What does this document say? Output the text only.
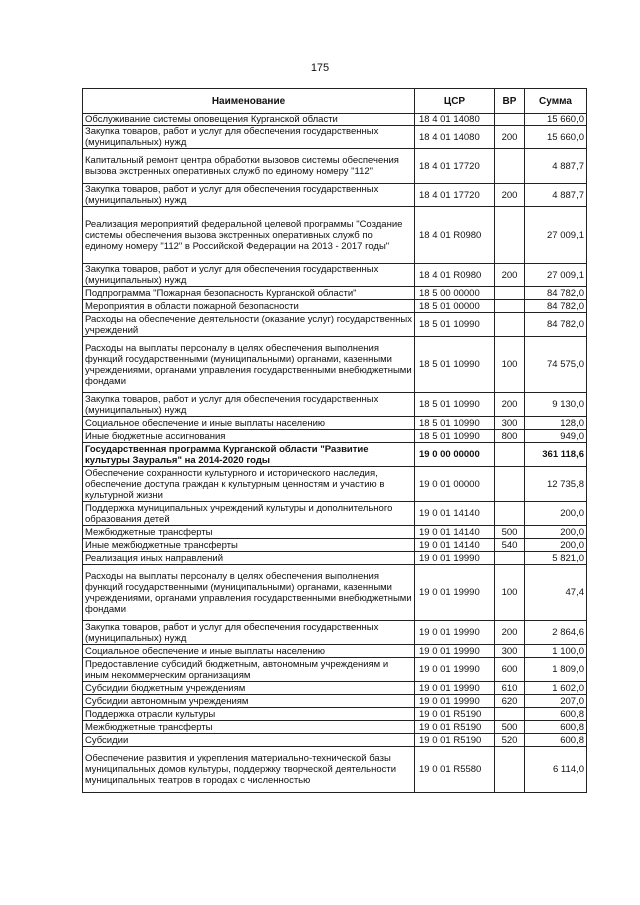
175
Наименование	ЦСР	ВР	Сумма
Обслуживание системы оповещения Курганской области	18 4 01 14080		15 660,0
Закупка товаров, работ и услуг для обеспечения государственных (муниципальных) нужд	18 4 01 14080	200	15 660,0
Капитальный ремонт центра обработки вызовов системы обеспечения вызова экстренных оперативных служб по единому номеру "112"	18 4 01 17720		4 887,7
Закупка товаров, работ и услуг для обеспечения государственных (муниципальных) нужд	18 4 01 17720	200	4 887,7
Реализация мероприятий федеральной целевой программы "Создание системы обеспечения вызова экстренных оперативных служб по единому номеру "112" в Российской Федерации на 2013 - 2017 годы"	18 4 01 R0980		27 009,1
Закупка товаров, работ и услуг для обеспечения государственных (муниципальных) нужд	18 4 01 R0980	200	27 009,1
Подпрограмма "Пожарная безопасность Курганской области"	18 5 00 00000		84 782,0
Мероприятия в области пожарной безопасности	18 5 01 00000		84 782,0
Расходы на обеспечение деятельности (оказание услуг) государственных учреждений	18 5 01 10990		84 782,0
Расходы на выплаты персоналу в целях обеспечения выполнения функций государственными (муниципальными) органами, казенными учреждениями, органами управления государственными внебюджетными фондами	18 5 01 10990	100	74 575,0
Закупка товаров, работ и услуг для обеспечения государственных (муниципальных) нужд	18 5 01 10990	200	9 130,0
Социальное обеспечение и иные выплаты населению	18 5 01 10990	300	128,0
Иные бюджетные ассигнования	18 5 01 10990	800	949,0
Государственная программа Курганской области "Развитие культуры Зауралья" на 2014-2020 годы	19 0 00 00000		361 118,6
Обеспечение сохранности культурного и исторического наследия, обеспечение доступа граждан к культурным ценностям и участию в культурной жизни	19 0 01 00000		12 735,8
Поддержка муниципальных учреждений культуры и дополнительного образования детей	19 0 01 14140		200,0
Межбюджетные трансферты	19 0 01 14140	500	200,0
Иные межбюджетные трансферты	19 0 01 14140	540	200,0
Реализация иных направлений	19 0 01 19990		5 821,0
Расходы на выплаты персоналу в целях обеспечения выполнения функций государственными (муниципальными) органами, казенными учреждениями, органами управления государственными внебюджетными фондами	19 0 01 19990	100	47,4
Закупка товаров, работ и услуг для обеспечения государственных (муниципальных) нужд	19 0 01 19990	200	2 864,6
Социальное обеспечение и иные выплаты населению	19 0 01 19990	300	1 100,0
Предоставление субсидий бюджетным, автономным учреждениям и иным некоммерческим организациям	19 0 01 19990	600	1 809,0
Субсидии бюджетным учреждениям	19 0 01 19990	610	1 602,0
Субсидии автономным учреждениям	19 0 01 19990	620	207,0
Поддержка отрасли культуры	19 0 01 R5190		600,8
Межбюджетные трансферты	19 0 01 R5190	500	600,8
Субсидии	19 0 01 R5190	520	600,8
Обеспечение развития и укрепления материально-технической базы муниципальных домов культуры, поддержку творческой деятельности муниципальных театров в городах с численностью	19 0 01 R5580		6 114,0
